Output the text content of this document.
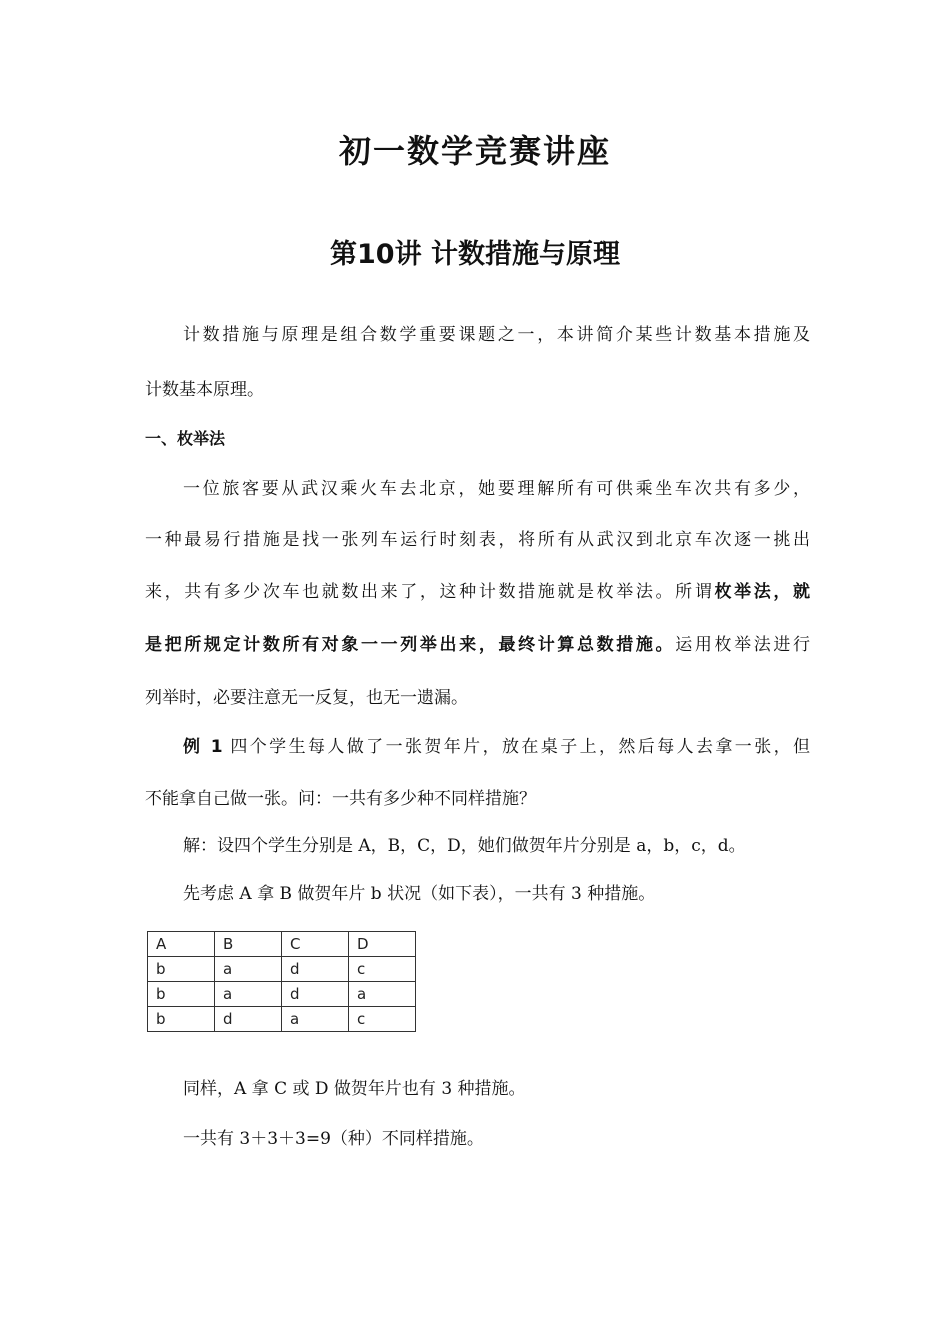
初一数学竞赛讲座
第10讲 计数措施与原理
计数措施与原理是组合数学重要课题之一，本讲简介某些计数基本措施及
计数基本原理。
一、枚举法
一位旅客要从武汉乘火车去北京，她要理解所有可供乘坐车次共有多少，
一种最易行措施是找一张列车运行时刻表，将所有从武汉到北京车次逐一挑出
来，共有多少次车也就数出来了，这种计数措施就是枚举法。所谓枚举法，就
是把所规定计数所有对象一一列举出来，最终计算总数措施。运用枚举法进行
列举时，必要注意无一反复，也无一遗漏。
例 1 四个学生每人做了一张贺年片，放在桌子上，然后每人去拿一张，但
不能拿自己做一张。问：一共有多少种不同样措施？
解：设四个学生分别是 A，B，C，D，她们做贺年片分别是 a，b，c，d。
先考虑 A 拿 B 做贺年片 b 状况（如下表），一共有 3 种措施。
A	B	C	D
b	a	d	c
b	a	d	a
b	d	a	c
同样，A 拿 C 或 D 做贺年片也有 3 种措施。
一共有 3＋3＋3=9（种）不同样措施。
